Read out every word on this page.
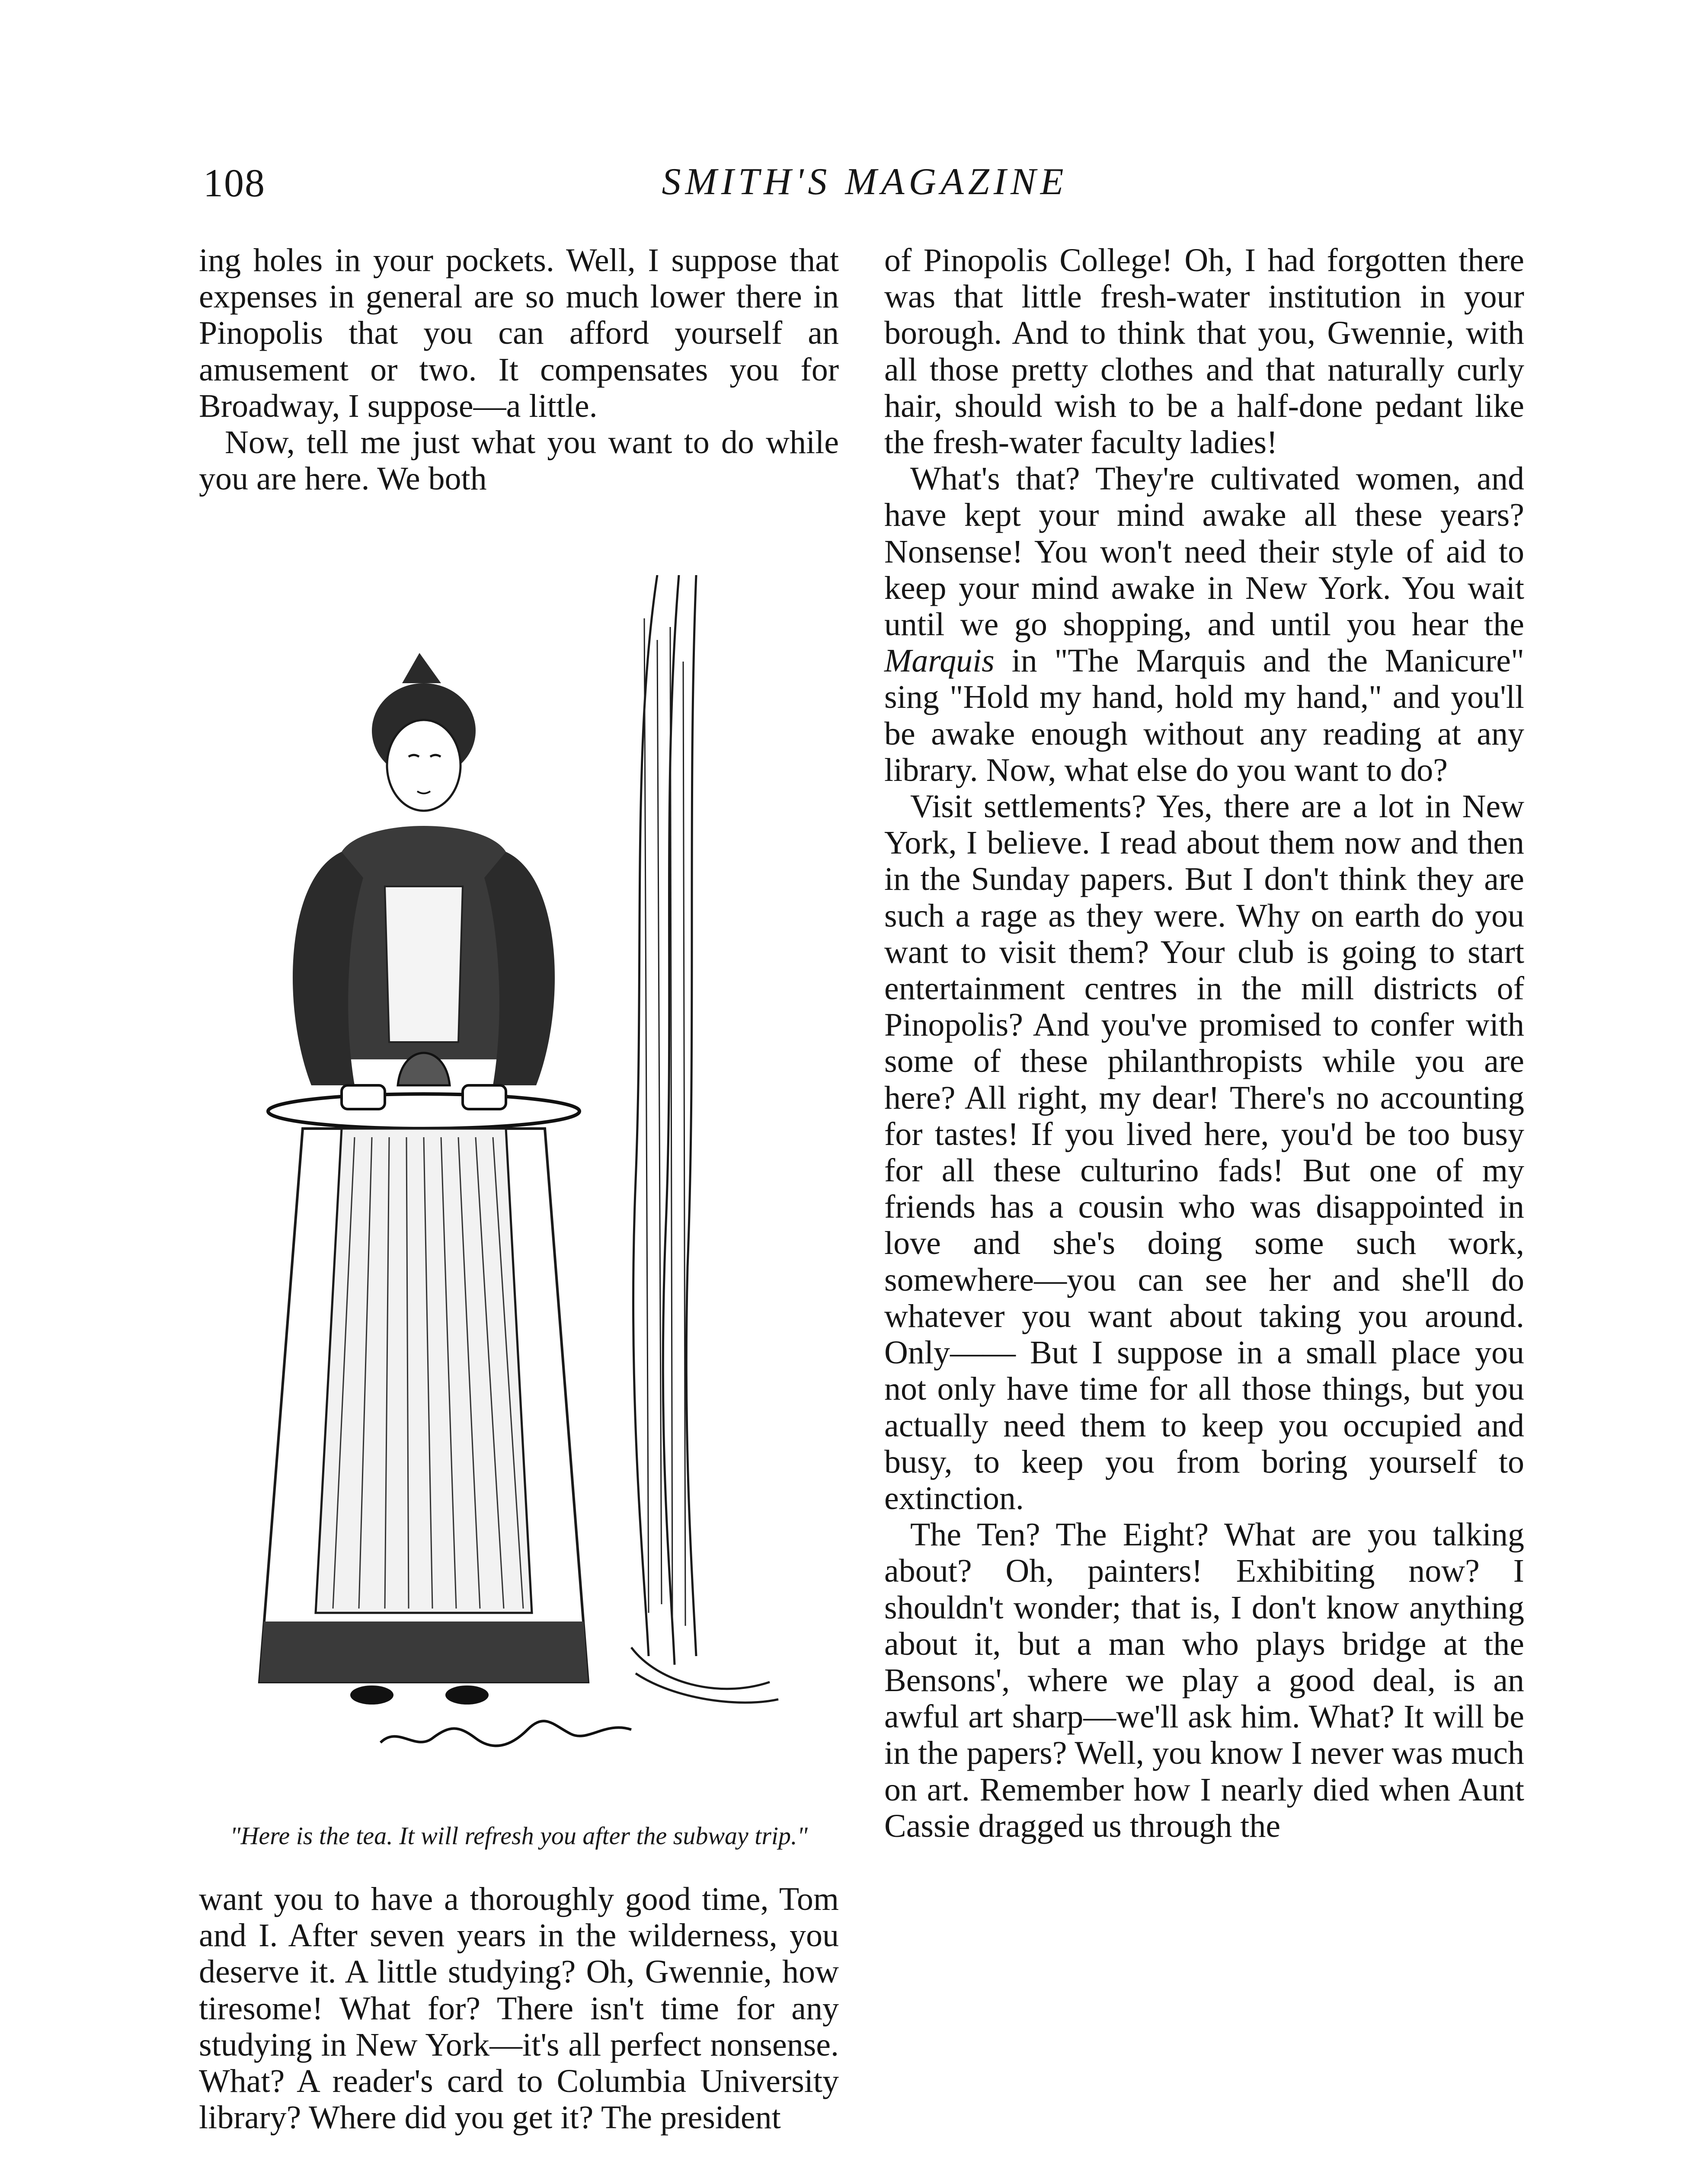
108	SMITH'S MAGAZINE

ing holes in your pockets. Well, I suppose that expenses in general are so much lower there in Pinopolis that you can afford yourself an amusement or two. It compensates you for Broadway, I suppose—a little.

Now, tell me just what you want to do while you are here. We both

"Here is the tea. It will refresh you after the subway trip."

want you to have a thoroughly good time, Tom and I. After seven years in the wilderness, you deserve it. A little studying? Oh, Gwennie, how tiresome! What for? There isn't time for any studying in New York—it's all perfect nonsense. What? A reader's card to Columbia University library? Where did you get it? The president

of Pinopolis College! Oh, I had forgotten there was that little fresh-water institution in your borough. And to think that you, Gwennie, with all those pretty clothes and that naturally curly hair, should wish to be a half-done pedant like the fresh-water faculty ladies!

What's that? They're cultivated women, and have kept your mind awake all these years? Nonsense! You won't need their style of aid to keep your mind awake in New York. You wait until we go shopping, and until you hear the Marquis in "The Marquis and the Manicure" sing "Hold my hand, hold my hand," and you'll be awake enough without any reading at any library. Now, what else do you want to do?

Visit settlements? Yes, there are a lot in New York, I believe. I read about them now and then in the Sunday papers. But I don't think they are such a rage as they were. Why on earth do you want to visit them? Your club is going to start entertainment centres in the mill districts of Pinopolis? And you've promised to confer with some of these philanthropists while you are here? All right, my dear! There's no accounting for tastes! If you lived here, you'd be too busy for all these culturino fads! But one of my friends has a cousin who was disappointed in love and she's doing some such work, somewhere—you can see her and she'll do whatever you want about taking you around. Only—— But I suppose in a small place you not only have time for all those things, but you actually need them to keep you occupied and busy, to keep you from boring yourself to extinction.

The Ten? The Eight? What are you talking about? Oh, painters! Exhibiting now? I shouldn't wonder; that is, I don't know anything about it, but a man who plays bridge at the Bensons', where we play a good deal, is an awful art sharp—we'll ask him. What? It will be in the papers? Well, you know I never was much on art. Remember how I nearly died when Aunt Cassie dragged us through the
